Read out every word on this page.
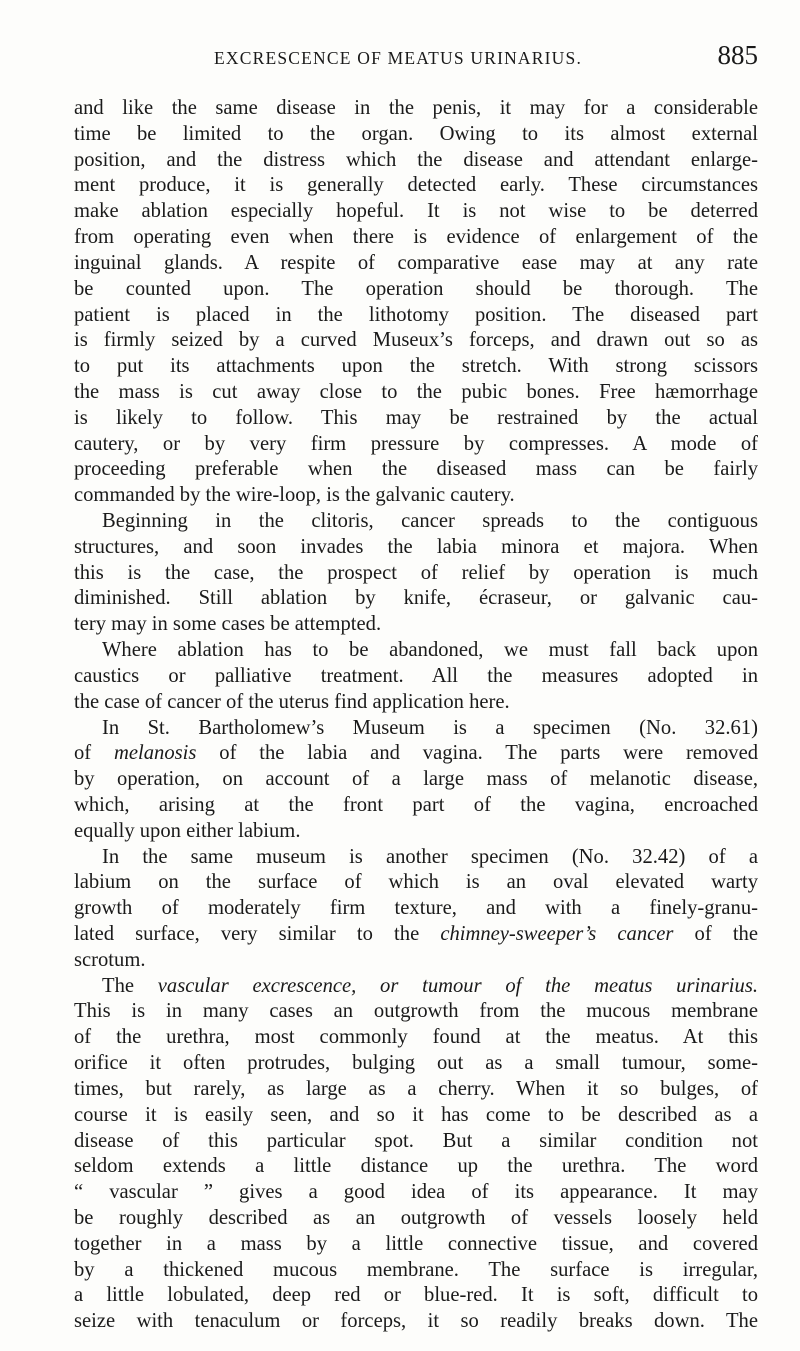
EXCRESCENCE OF MEATUS URINARIUS.	885
and like the same disease in the penis, it may for a considerable
time be limited to the organ. Owing to its almost external
position, and the distress which the disease and attendant enlarge-
ment produce, it is generally detected early. These circumstances
make ablation especially hopeful. It is not wise to be deterred
from operating even when there is evidence of enlargement of the
inguinal glands. A respite of comparative ease may at any rate
be counted upon. The operation should be thorough. The
patient is placed in the lithotomy position. The diseased part
is firmly seized by a curved Museux’s forceps, and drawn out so as
to put its attachments upon the stretch. With strong scissors
the mass is cut away close to the pubic bones. Free hæmorrhage
is likely to follow. This may be restrained by the actual
cautery, or by very firm pressure by compresses. A mode of
proceeding preferable when the diseased mass can be fairly
commanded by the wire-loop, is the galvanic cautery.
Beginning in the clitoris, cancer spreads to the contiguous
structures, and soon invades the labia minora et majora. When
this is the case, the prospect of relief by operation is much
diminished. Still ablation by knife, écraseur, or galvanic cau-
tery may in some cases be attempted.
Where ablation has to be abandoned, we must fall back upon
caustics or palliative treatment. All the measures adopted in
the case of cancer of the uterus find application here.
In St. Bartholomew’s Museum is a specimen (No. 32.61)
of melanosis of the labia and vagina. The parts were removed
by operation, on account of a large mass of melanotic disease,
which, arising at the front part of the vagina, encroached
equally upon either labium.
In the same museum is another specimen (No. 32.42) of a
labium on the surface of which is an oval elevated warty
growth of moderately firm texture, and with a finely-granu-
lated surface, very similar to the chimney-sweeper’s cancer of the
scrotum.
The vascular excrescence, or tumour of the meatus urinarius.
This is in many cases an outgrowth from the mucous membrane
of the urethra, most commonly found at the meatus. At this
orifice it often protrudes, bulging out as a small tumour, some-
times, but rarely, as large as a cherry. When it so bulges, of
course it is easily seen, and so it has come to be described as a
disease of this particular spot. But a similar condition not
seldom extends a little distance up the urethra. The word
“ vascular ” gives a good idea of its appearance. It may
be roughly described as an outgrowth of vessels loosely held
together in a mass by a little connective tissue, and covered
by a thickened mucous membrane. The surface is irregular,
a little lobulated, deep red or blue-red. It is soft, difficult to
seize with tenaculum or forceps, it so readily breaks down. The
